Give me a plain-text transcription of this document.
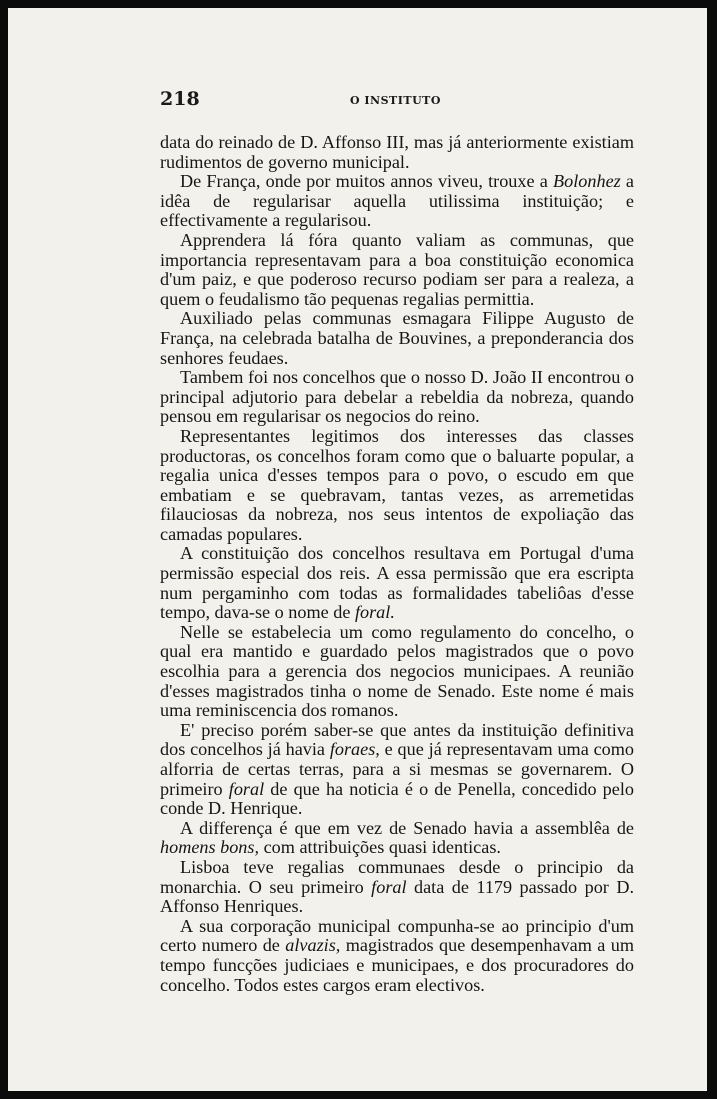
218	O INSTITUTO

data do reinado de D. Affonso III, mas já anteriormente existiam rudimentos de governo municipal.

De França, onde por muitos annos viveu, trouxe a Bolonhez a idêa de regularisar aquella utilissima instituição; e effectivamente a regularisou.

Apprendera lá fóra quanto valiam as communas, que importancia representavam para a boa constituição economica d'um paiz, e que poderoso recurso podiam ser para a realeza, a quem o feudalismo tão pequenas regalias permittia.

Auxiliado pelas communas esmagara Filippe Augusto de França, na celebrada batalha de Bouvines, a preponderancia dos senhores feudaes.

Tambem foi nos concelhos que o nosso D. João II encontrou o principal adjutorio para debelar a rebeldia da nobreza, quando pensou em regularisar os negocios do reino.

Representantes legitimos dos interesses das classes productoras, os concelhos foram como que o baluarte popular, a regalia unica d'esses tempos para o povo, o escudo em que embatiam e se quebravam, tantas vezes, as arremetidas filauciosas da nobreza, nos seus intentos de expoliação das camadas populares.

A constituição dos concelhos resultava em Portugal d'uma permissão especial dos reis. A essa permissão que era escripta num pergaminho com todas as formalidades tabeliôas d'esse tempo, dava-se o nome de foral.

Nelle se estabelecia um como regulamento do concelho, o qual era mantido e guardado pelos magistrados que o povo escolhia para a gerencia dos negocios municipaes. A reunião d'esses magistrados tinha o nome de Senado. Este nome é mais uma reminiscencia dos romanos.

E' preciso porém saber-se que antes da instituição definitiva dos concelhos já havia foraes, e que já representavam uma como alforria de certas terras, para a si mesmas se governarem. O primeiro foral de que ha noticia é o de Penella, concedido pelo conde D. Henrique.

A differença é que em vez de Senado havia a assemblêa de homens bons, com attribuições quasi identicas.

Lisboa teve regalias communaes desde o principio da monarchia. O seu primeiro foral data de 1179 passado por D. Affonso Henriques.

A sua corporação municipal compunha-se ao principio d'um certo numero de alvazis, magistrados que desempenhavam a um tempo funcções judiciaes e municipaes, e dos procuradores do concelho. Todos estes cargos eram electivos.
